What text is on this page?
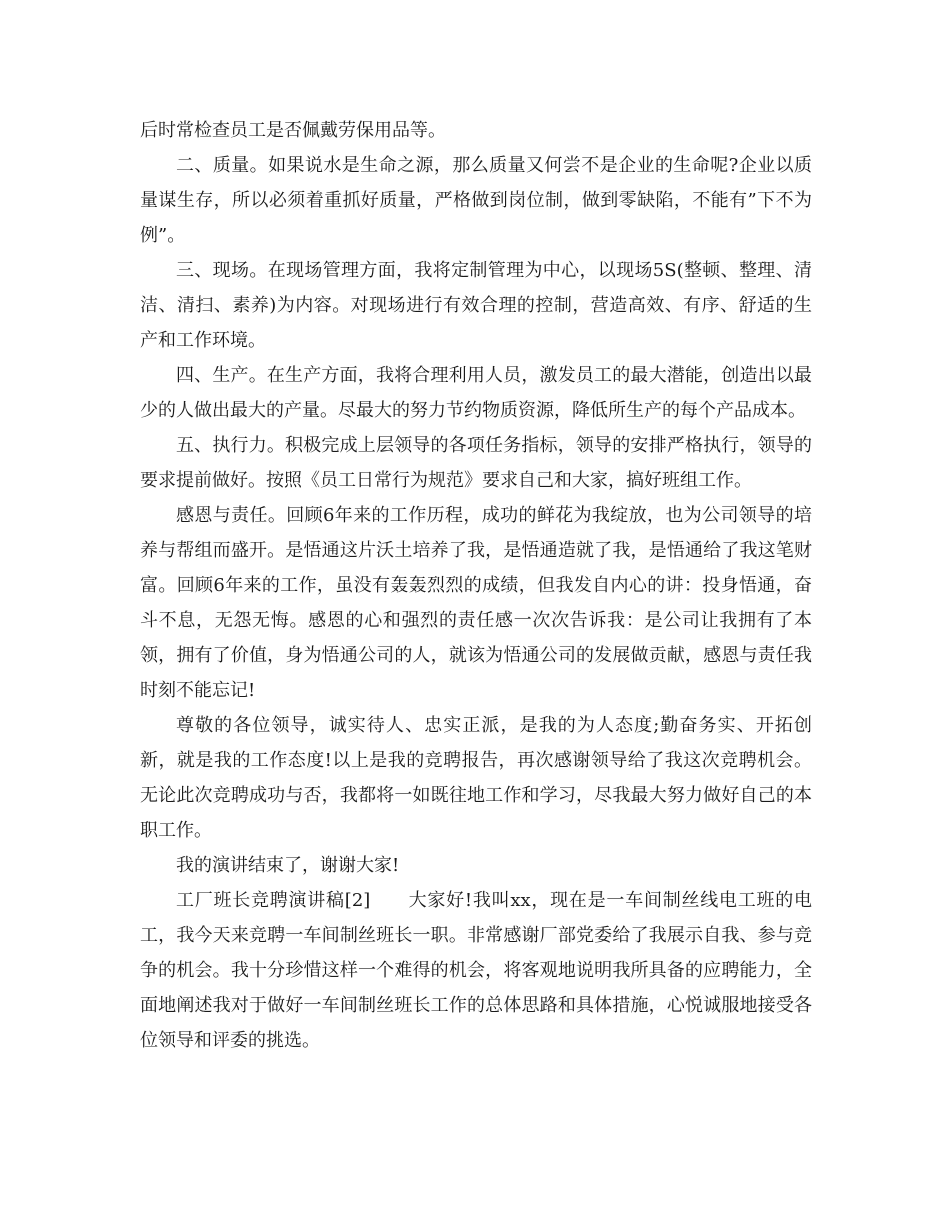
后时常检查员工是否佩戴劳保用品等。

二、质量。如果说水是生命之源，那么质量又何尝不是企业的生命呢?企业以质量谋生存，所以必须着重抓好质量，严格做到岗位制，做到零缺陷，不能有”下不为例”。

三、现场。在现场管理方面，我将定制管理为中心，以现场5S(整顿、整理、清洁、清扫、素养)为内容。对现场进行有效合理的控制，营造高效、有序、舒适的生产和工作环境。

四、生产。在生产方面，我将合理利用人员，激发员工的最大潜能，创造出以最少的人做出最大的产量。尽最大的努力节约物质资源，降低所生产的每个产品成本。

五、执行力。积极完成上层领导的各项任务指标，领导的安排严格执行，领导的要求提前做好。按照《员工日常行为规范》要求自己和大家，搞好班组工作。

感恩与责任。回顾6年来的工作历程，成功的鲜花为我绽放，也为公司领导的培养与帮组而盛开。是悟通这片沃土培养了我，是悟通造就了我，是悟通给了我这笔财富。回顾6年来的工作，虽没有轰轰烈烈的成绩，但我发自内心的讲：投身悟通，奋斗不息，无怨无悔。感恩的心和强烈的责任感一次次告诉我：是公司让我拥有了本领，拥有了价值，身为悟通公司的人，就该为悟通公司的发展做贡献，感恩与责任我时刻不能忘记!

尊敬的各位领导，诚实待人、忠实正派，是我的为人态度;勤奋务实、开拓创新，就是我的工作态度!以上是我的竞聘报告，再次感谢领导给了我这次竞聘机会。无论此次竞聘成功与否，我都将一如既往地工作和学习，尽我最大努力做好自己的本职工作。

我的演讲结束了，谢谢大家!

工厂班长竞聘演讲稿[2]　　大家好!我叫xx，现在是一车间制丝线电工班的电工，我今天来竞聘一车间制丝班长一职。非常感谢厂部党委给了我展示自我、参与竞争的机会。我十分珍惜这样一个难得的机会，将客观地说明我所具备的应聘能力，全面地阐述我对于做好一车间制丝班长工作的总体思路和具体措施，心悦诚服地接受各位领导和评委的挑选。
